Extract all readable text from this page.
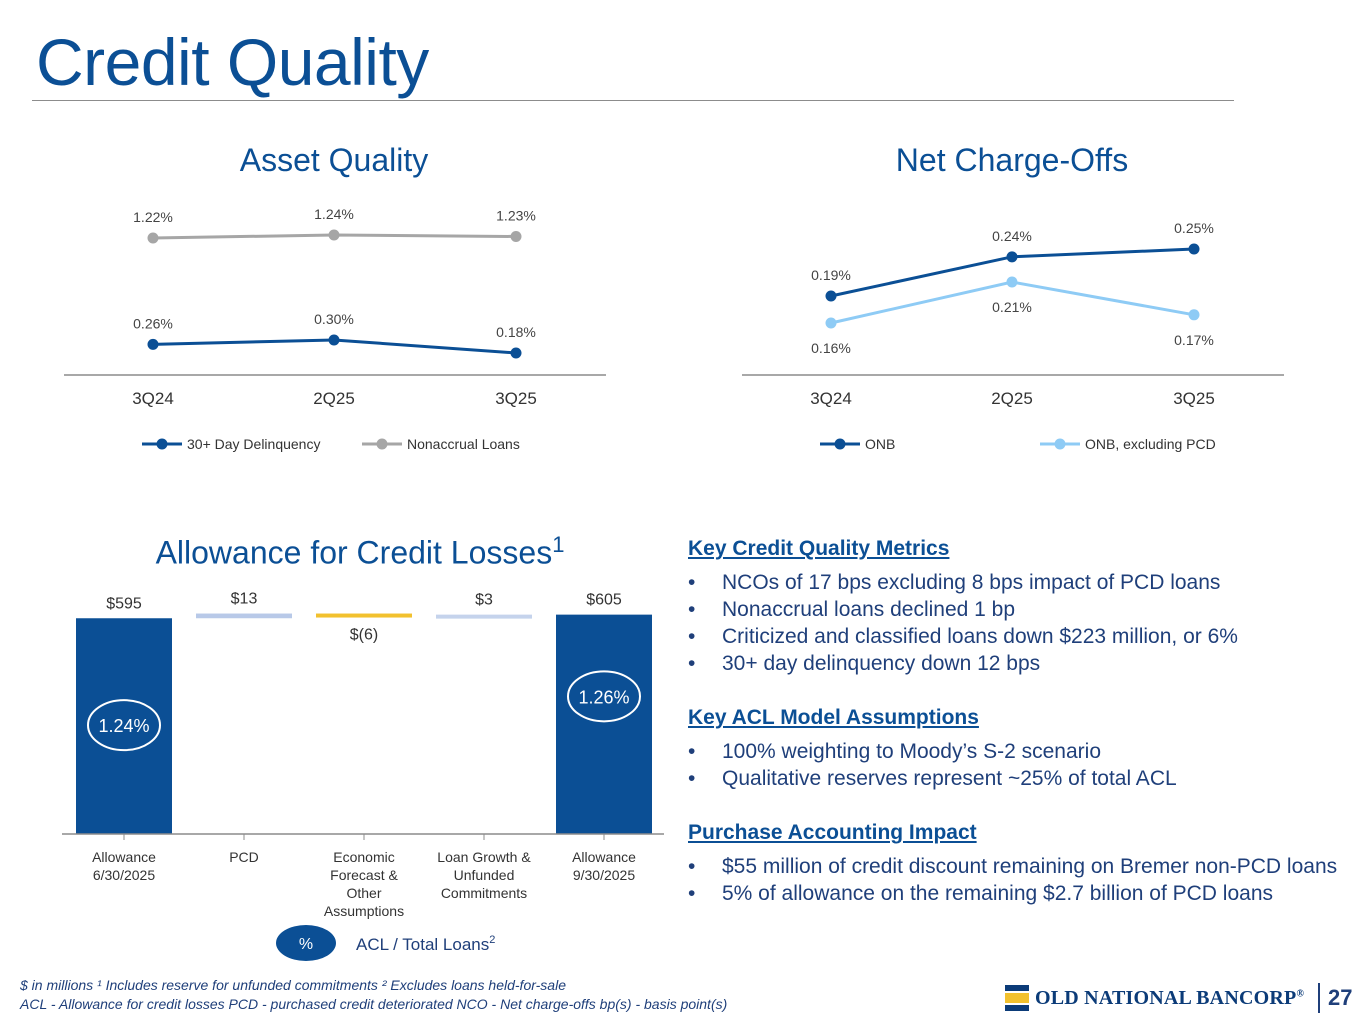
Credit Quality
Asset Quality
0.26%	0.30%
0.18%
1.22%	1.24%	1.23%
3Q24	2Q25	3Q25
30+ Day Delinquency	Nonaccrual Loans
Net Charge-Offs
0.19%
0.24%	0.25%
0.16%
0.21%
0.17%
3Q24	2Q25	3Q25
ONB	ONB, excluding PCD
Allowance for Credit Losses$^1$
$595
1.24%
Allowance
6/30/2025
$13
PCD
$(6)
Economic
Forecast &
Other
Assumptions
$3
Loan Growth &
Unfunded
Commitments
$605
1.26%
Allowance
9/30/2025
%	ACL / Total Loans$^2$
Key Credit Quality Metrics
• NCOs of 17 bps excluding 8 bps impact of PCD loans
• Nonaccrual loans declined 1 bp
• Criticized and classified loans down $223 million, or 6%
• 30+ day delinquency down 12 bps
Key ACL Model Assumptions
• 100% weighting to Moody’s S-2 scenario
• Qualitative reserves represent ~25% of total ACL
Purchase Accounting Impact
• $55 million of credit discount remaining on Bremer non-PCD loans
• 5% of allowance on the remaining $2.7 billion of PCD loans
$ in millions ¹ Includes reserve for unfunded commitments ² Excludes loans held-for-sale
ACL - Allowance for credit losses PCD - purchased credit deteriorated NCO - Net charge-offs bp(s) - basis point(s)	OLD NATIONAL BANCORP®	27
